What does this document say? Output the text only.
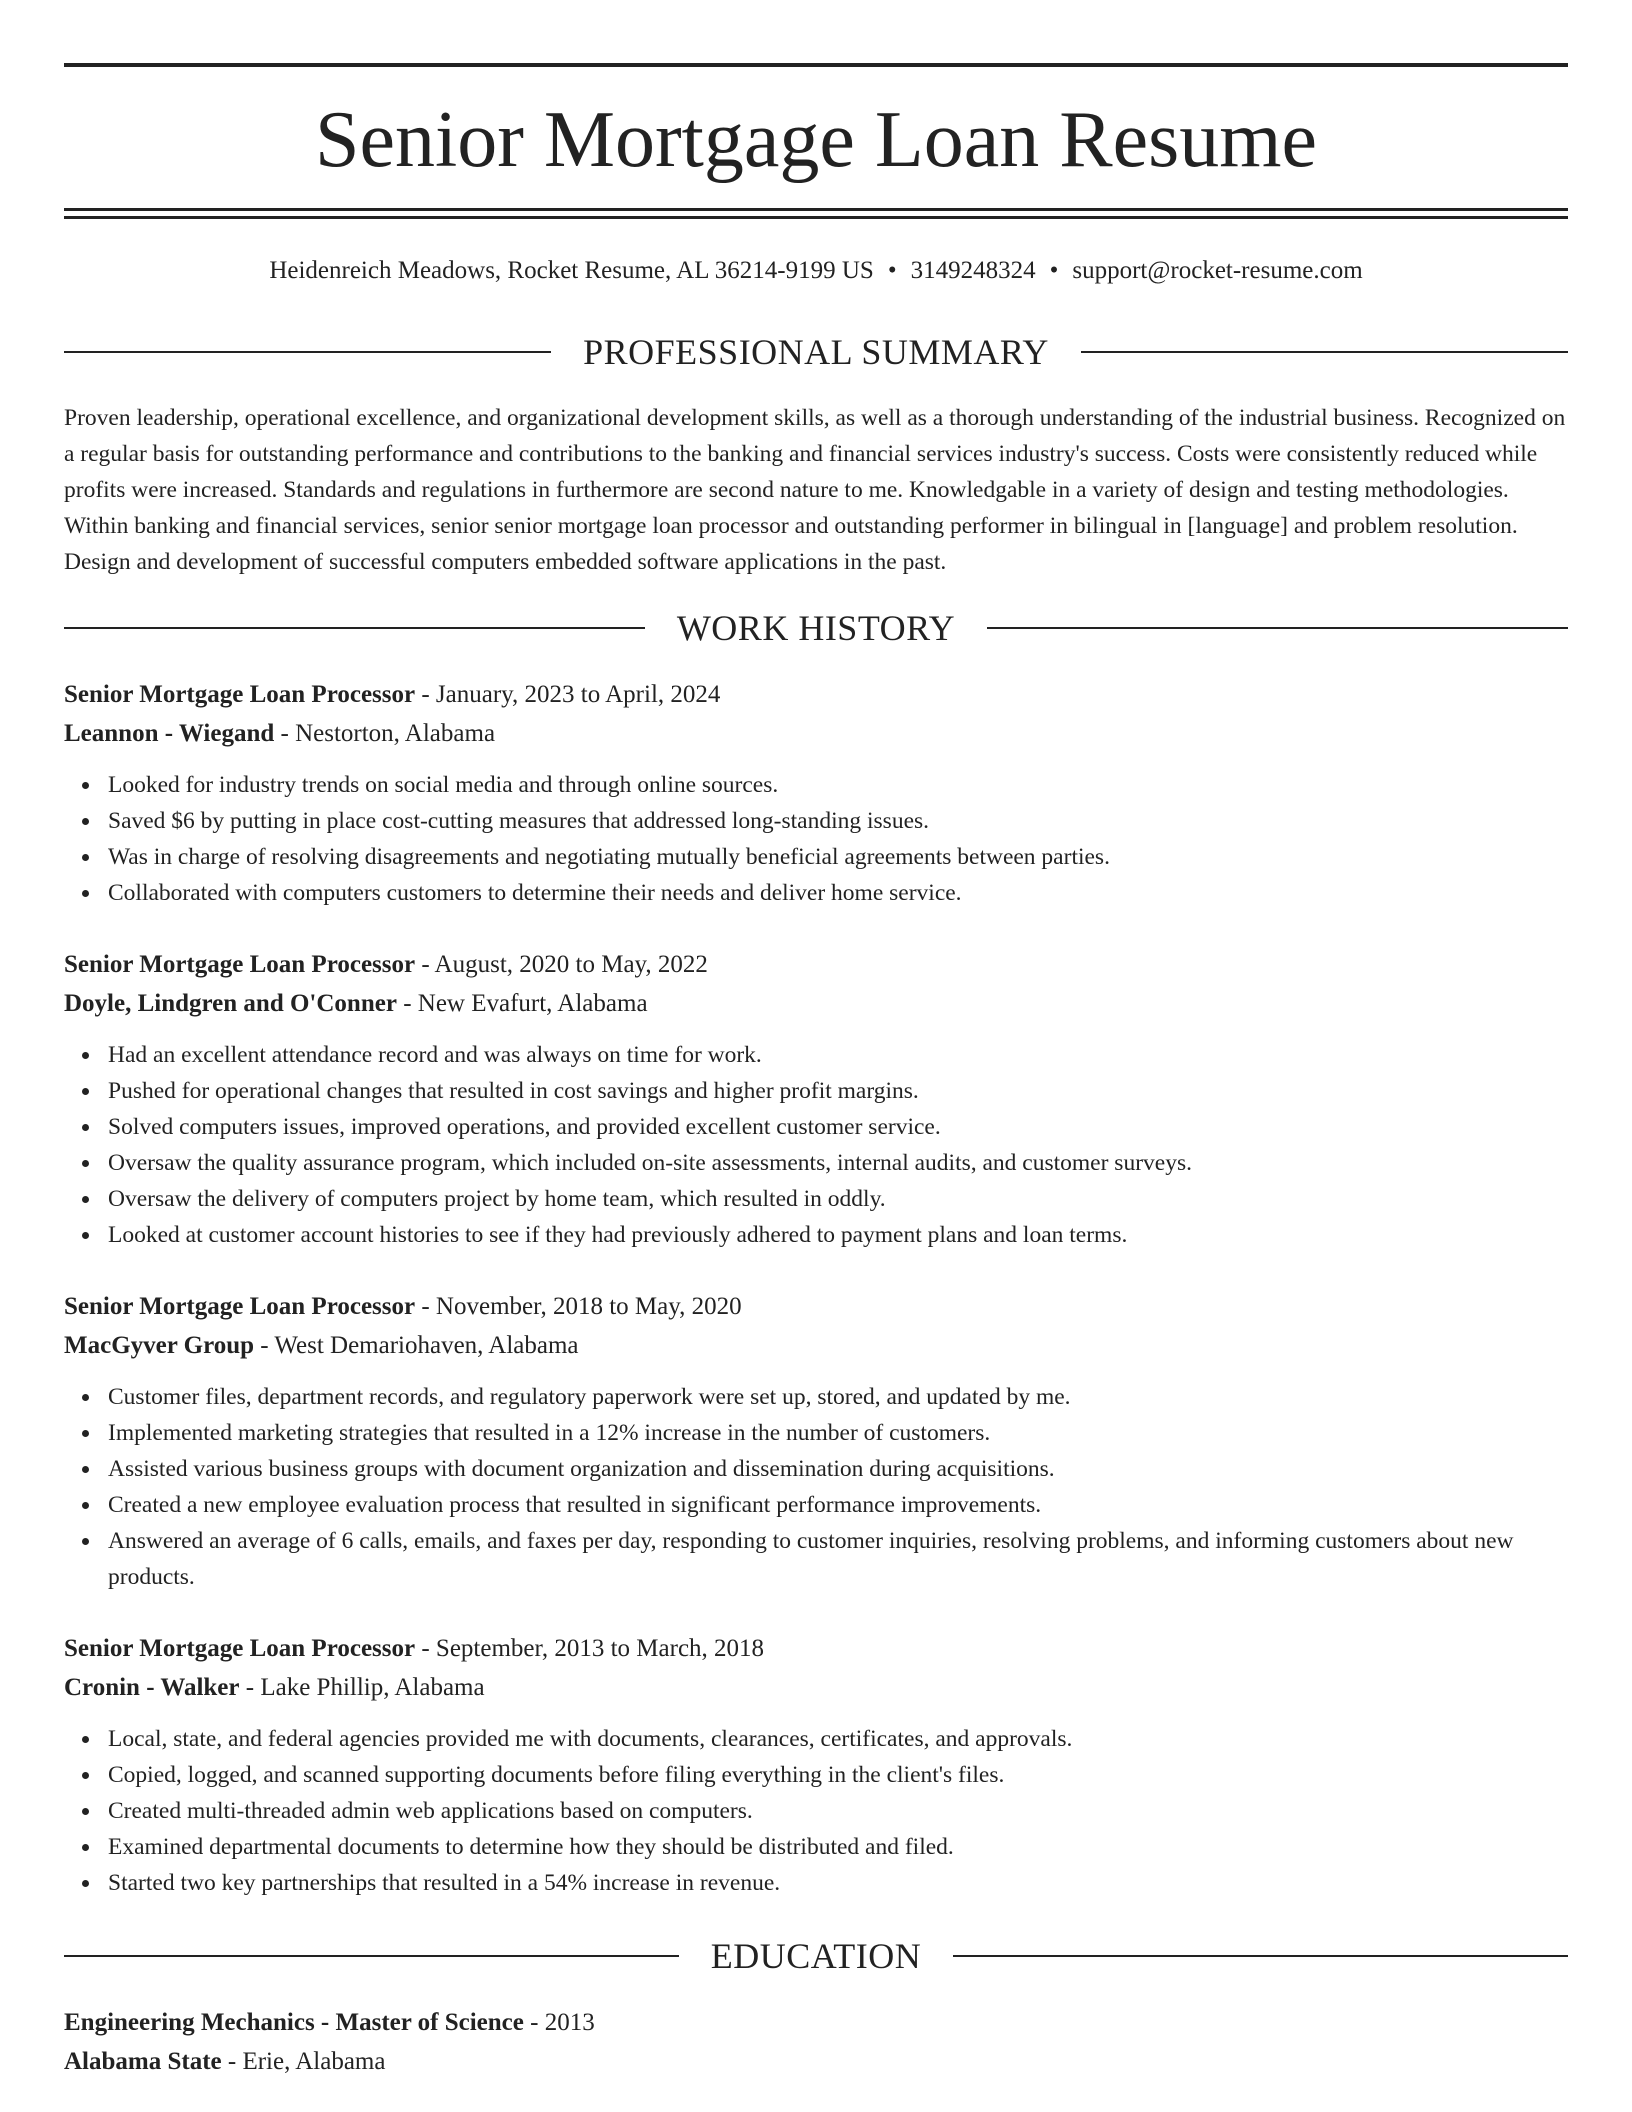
Senior Mortgage Loan Resume
Heidenreich Meadows, Rocket Resume, AL 36214-9199 US • 3149248324 • support@rocket-resume.com
PROFESSIONAL SUMMARY

Proven leadership, operational excellence, and organizational development skills, as well as a thorough understanding of the industrial business. Recognized on a regular basis for outstanding performance and contributions to the banking and financial services industry's success. Costs were consistently reduced while profits were increased. Standards and regulations in furthermore are second nature to me. Knowledgable in a variety of design and testing methodologies. Within banking and financial services, senior senior mortgage loan processor and outstanding performer in bilingual in [language] and problem resolution. Design and development of successful computers embedded software applications in the past.

WORK HISTORY
Senior Mortgage Loan Processor - January, 2023 to April, 2024
Leannon - Wiegand - Nestorton, Alabama
Looked for industry trends on social media and through online sources.
Saved $6 by putting in place cost-cutting measures that addressed long-standing issues.
Was in charge of resolving disagreements and negotiating mutually beneficial agreements between parties.
Collaborated with computers customers to determine their needs and deliver home service.
Senior Mortgage Loan Processor - August, 2020 to May, 2022
Doyle, Lindgren and O'Conner - New Evafurt, Alabama
Had an excellent attendance record and was always on time for work.
Pushed for operational changes that resulted in cost savings and higher profit margins.
Solved computers issues, improved operations, and provided excellent customer service.
Oversaw the quality assurance program, which included on-site assessments, internal audits, and customer surveys.
Oversaw the delivery of computers project by home team, which resulted in oddly.
Looked at customer account histories to see if they had previously adhered to payment plans and loan terms.
Senior Mortgage Loan Processor - November, 2018 to May, 2020
MacGyver Group - West Demariohaven, Alabama
Customer files, department records, and regulatory paperwork were set up, stored, and updated by me.
Implemented marketing strategies that resulted in a 12% increase in the number of customers.
Assisted various business groups with document organization and dissemination during acquisitions.
Created a new employee evaluation process that resulted in significant performance improvements.
Answered an average of 6 calls, emails, and faxes per day, responding to customer inquiries, resolving problems, and informing customers about new products.
Senior Mortgage Loan Processor - September, 2013 to March, 2018
Cronin - Walker - Lake Phillip, Alabama
Local, state, and federal agencies provided me with documents, clearances, certificates, and approvals.
Copied, logged, and scanned supporting documents before filing everything in the client's files.
Created multi-threaded admin web applications based on computers.
Examined departmental documents to determine how they should be distributed and filed.
Started two key partnerships that resulted in a 54% increase in revenue.
EDUCATION
Engineering Mechanics - Master of Science - 2013
Alabama State - Erie, Alabama
